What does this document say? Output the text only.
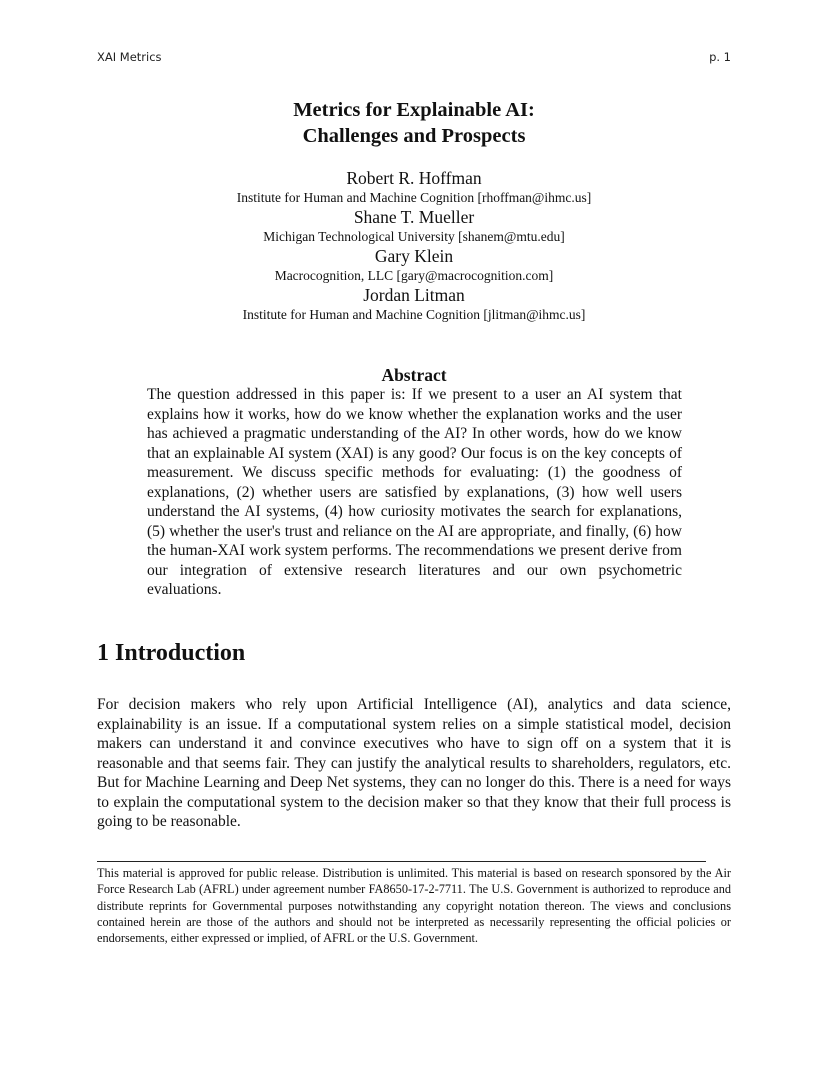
XAI Metrics	p. 1
Metrics for Explainable AI:
Challenges and Prospects
Robert R. Hoffman
Institute for Human and Machine Cognition [rhoffman@ihmc.us]
Shane T. Mueller
Michigan Technological University [shanem@mtu.edu]
Gary Klein
Macrocognition, LLC [gary@macrocognition.com]
Jordan Litman
Institute for Human and Machine Cognition [jlitman@ihmc.us]
Abstract
The question addressed in this paper is: If we present to a user an AI system that explains how it works, how do we know whether the explanation works and the user has achieved a pragmatic understanding of the AI? In other words, how do we know that an explainable AI system (XAI) is any good? Our focus is on the key concepts of measurement. We discuss specific methods for evaluating: (1) the goodness of explanations, (2) whether users are satisfied by explanations, (3) how well users understand the AI systems, (4) how curiosity motivates the search for explanations, (5) whether the user's trust and reliance on the AI are appropriate, and finally, (6) how the human-XAI work system performs. The recommendations we present derive from our integration of extensive research literatures and our own psychometric evaluations.
1 Introduction
For decision makers who rely upon Artificial Intelligence (AI), analytics and data science, explainability is an issue. If a computational system relies on a simple statistical model, decision makers can understand it and convince executives who have to sign off on a system that it is reasonable and that seems fair. They can justify the analytical results to shareholders, regulators, etc. But for Machine Learning and Deep Net systems, they can no longer do this. There is a need for ways to explain the computational system to the decision maker so that they know that their full process is going to be reasonable.
This material is approved for public release. Distribution is unlimited. This material is based on research sponsored by the Air Force Research Lab (AFRL) under agreement number FA8650-17-2-7711. The U.S. Government is authorized to reproduce and distribute reprints for Governmental purposes notwithstanding any copyright notation thereon. The views and conclusions contained herein are those of the authors and should not be interpreted as necessarily representing the official policies or endorsements, either expressed or implied, of AFRL or the U.S. Government.
